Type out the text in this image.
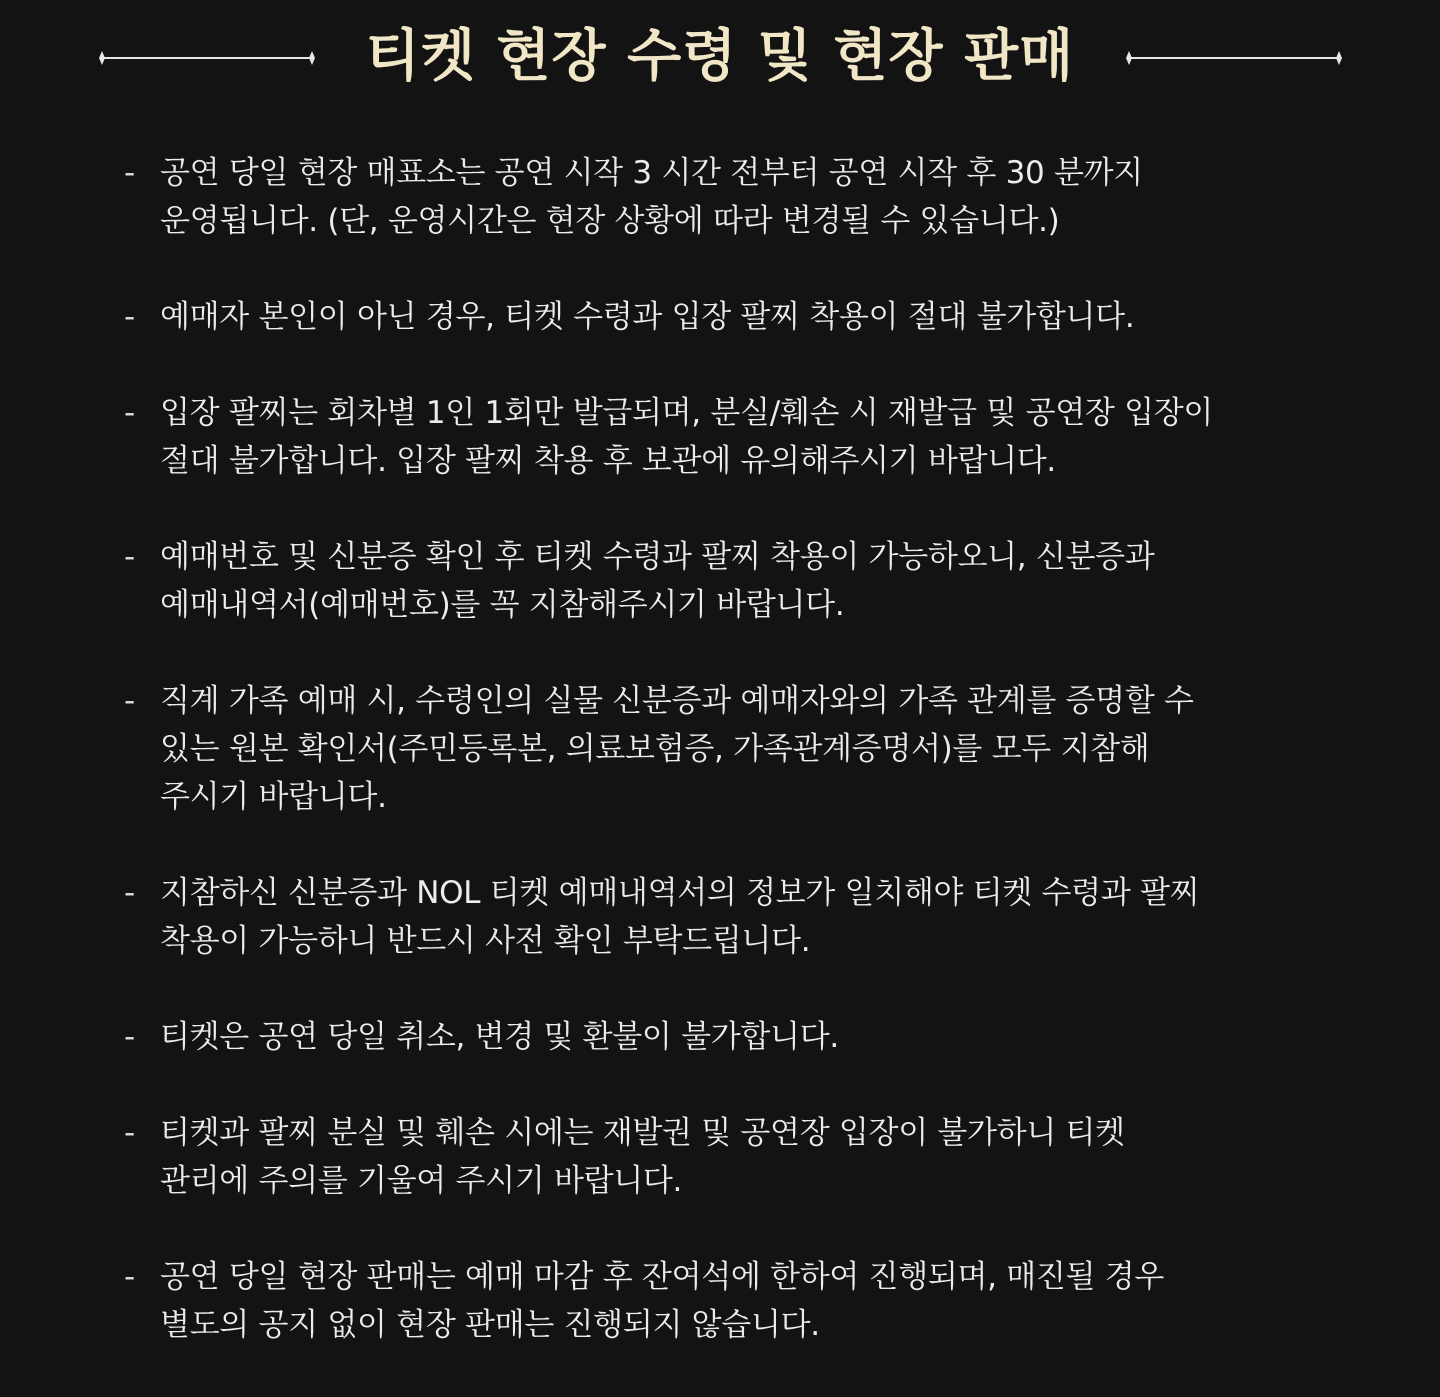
티켓 현장 수령 및 현장 판매
- 공연 당일 현장 매표소는 공연 시작 3 시간 전부터 공연 시작 후 30 분까지
운영됩니다. (단, 운영시간은 현장 상황에 따라 변경될 수 있습니다.)
- 예매자 본인이 아닌 경우, 티켓 수령과 입장 팔찌 착용이 절대 불가합니다.
- 입장 팔찌는 회차별 1인 1회만 발급되며, 분실/훼손 시 재발급 및 공연장 입장이
절대 불가합니다. 입장 팔찌 착용 후 보관에 유의해주시기 바랍니다.
- 예매번호 및 신분증 확인 후 티켓 수령과 팔찌 착용이 가능하오니, 신분증과
예매내역서(예매번호)를 꼭 지참해주시기 바랍니다.
- 직계 가족 예매 시, 수령인의 실물 신분증과 예매자와의 가족 관계를 증명할 수
있는 원본 확인서(주민등록본, 의료보험증, 가족관계증명서)를 모두 지참해
주시기 바랍니다.
- 지참하신 신분증과 NOL 티켓 예매내역서의 정보가 일치해야 티켓 수령과 팔찌
착용이 가능하니 반드시 사전 확인 부탁드립니다.
- 티켓은 공연 당일 취소, 변경 및 환불이 불가합니다.
- 티켓과 팔찌 분실 및 훼손 시에는 재발권 및 공연장 입장이 불가하니 티켓
관리에 주의를 기울여 주시기 바랍니다.
- 공연 당일 현장 판매는 예매 마감 후 잔여석에 한하여 진행되며, 매진될 경우
별도의 공지 없이 현장 판매는 진행되지 않습니다.
